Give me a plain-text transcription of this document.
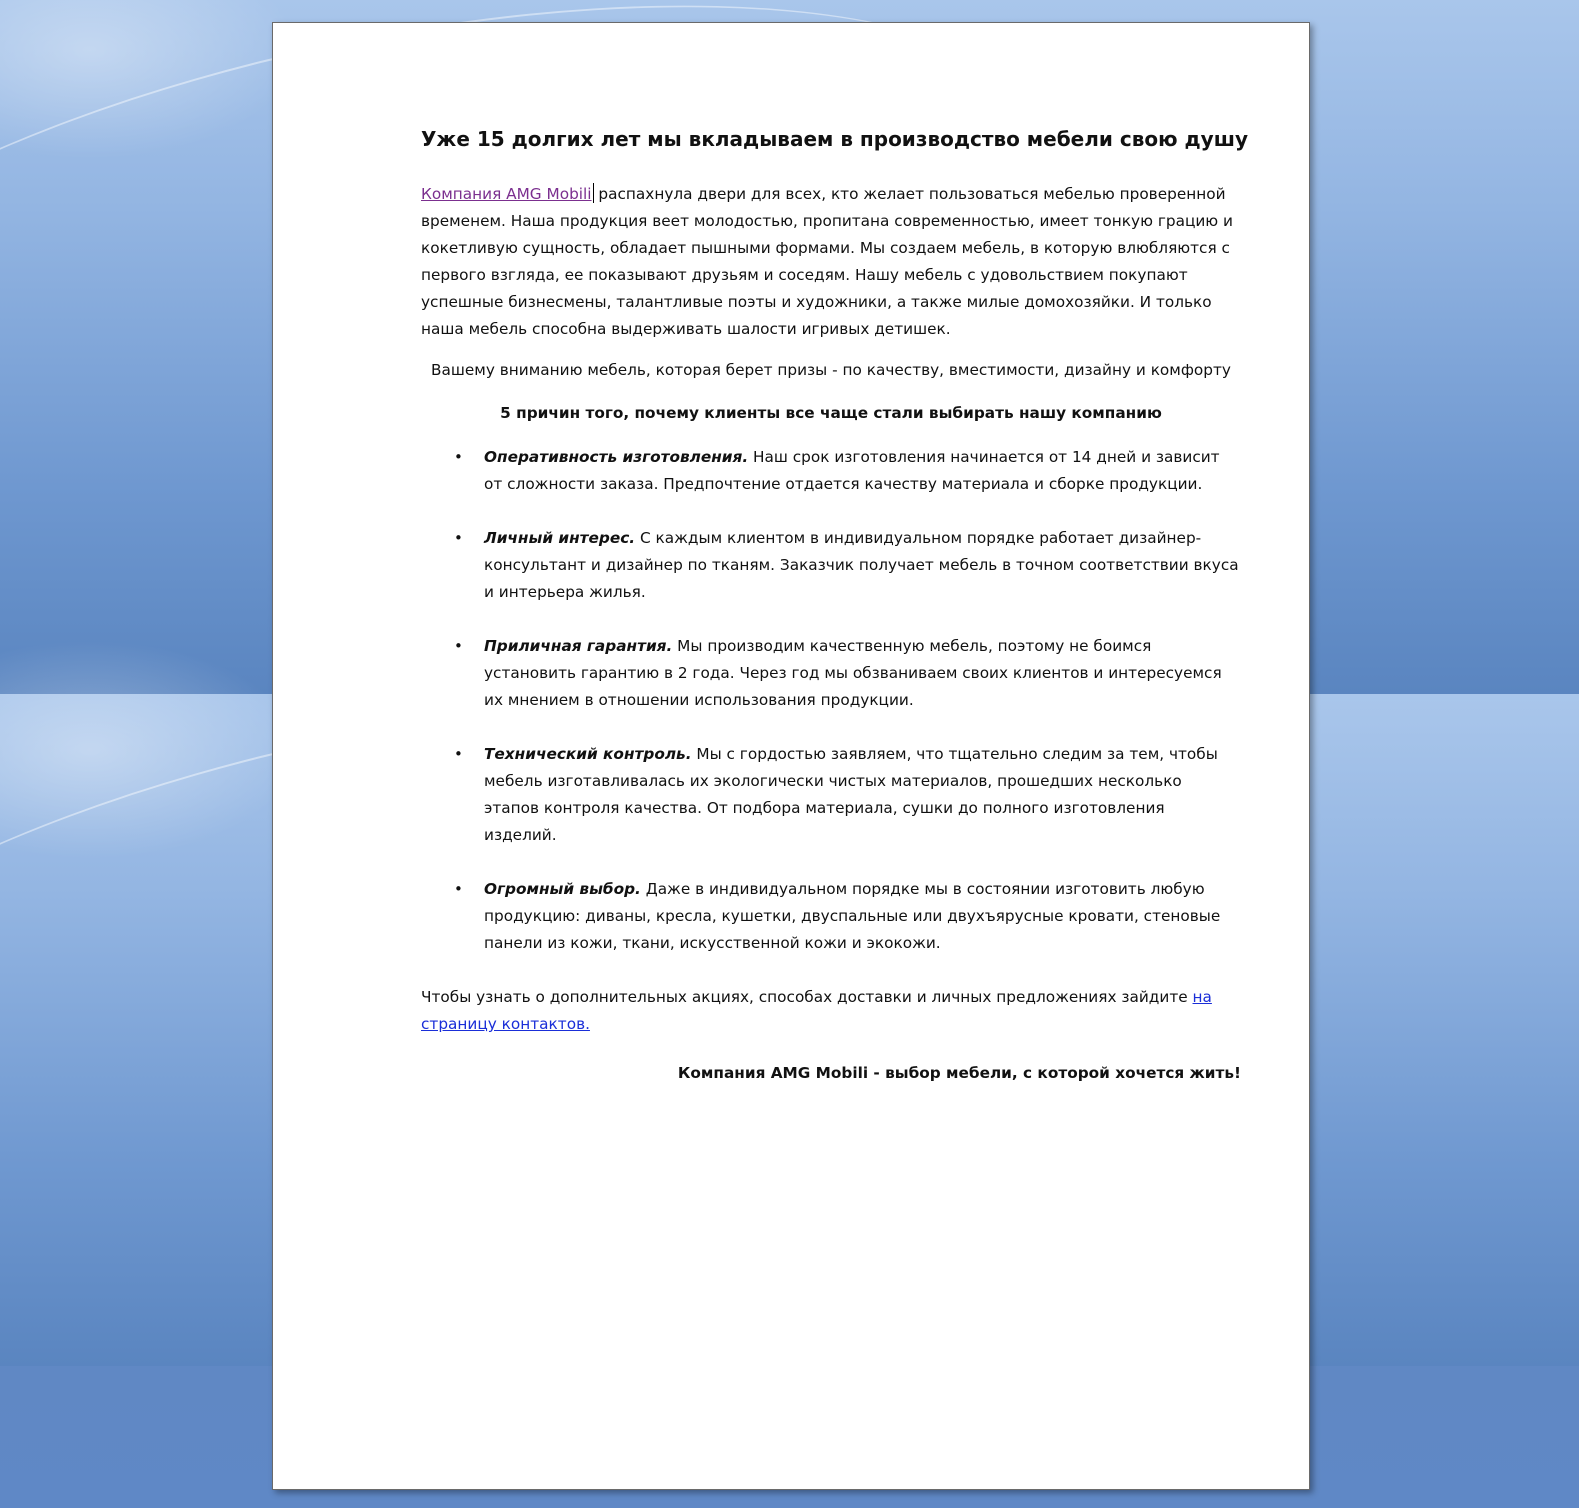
Уже 15 долгих лет мы вкладываем в производство мебели свою душу

Компания AMG Mobili распахнула двери для всех, кто желает пользоваться мебелью проверенной временем. Наша продукция веет молодостью, пропитана современностью, имеет тонкую грацию и кокетливую сущность, обладает пышными формами. Мы создаем мебель, в которую влюбляются с первого взгляда, ее показывают друзьям и соседям. Нашу мебель с удовольствием покупают успешные бизнесмены, талантливые поэты и художники, а также милые домохозяйки. И только наша мебель способна выдерживать шалости игривых детишек.

Вашему вниманию мебель, которая берет призы - по качеству, вместимости, дизайну и комфорту

5 причин того, почему клиенты все чаще стали выбирать нашу компанию
• Оперативность изготовления. Наш срок изготовления начинается от 14 дней и зависит от сложности заказа. Предпочтение отдается качеству материала и сборке продукции.
• Личный интерес. С каждым клиентом в индивидуальном порядке работает дизайнер-консультант и дизайнер по тканям. Заказчик получает мебель в точном соответствии вкуса и интерьера жилья.
• Приличная гарантия. Мы производим качественную мебель, поэтому не боимся установить гарантию в 2 года. Через год мы обзваниваем своих клиентов и интересуемся их мнением в отношении использования продукции.
• Технический контроль. Мы с гордостью заявляем, что тщательно следим за тем, чтобы мебель изготавливалась их экологически чистых материалов, прошедших несколько этапов контроля качества. От подбора материала, сушки до полного изготовления изделий.
• Огромный выбор. Даже в индивидуальном порядке мы в состоянии изготовить любую продукцию: диваны, кресла, кушетки, двуспальные или двухъярусные кровати, стеновые панели из кожи, ткани, искусственной кожи и экокожи.

Чтобы узнать о дополнительных акциях, способах доставки и личных предложениях зайдите на страницу контактов.

Компания AMG Mobili - выбор мебели, с которой хочется жить!
